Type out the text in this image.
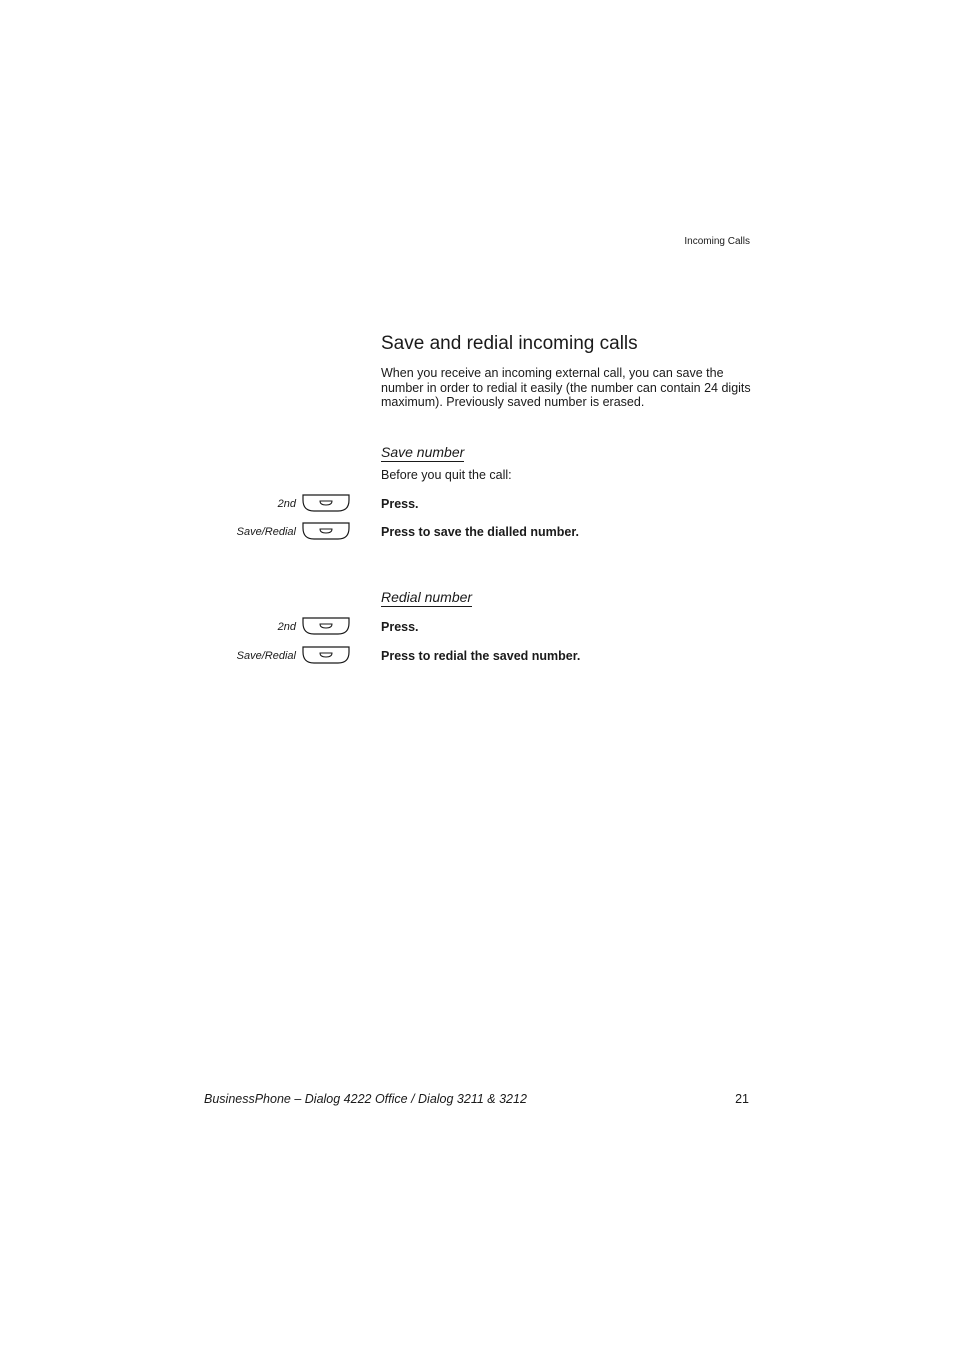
Incoming Calls
Save and redial incoming calls

When you receive an incoming external call, you can save the number in order to redial it easily (the number can contain 24 digits maximum). Previously saved number is erased.

Save number
Before you quit the call:
2nd	Press.
Save/Redial	Press to save the dialled number.
Redial number
2nd	Press.
Save/Redial	Press to redial the saved number.
BusinessPhone – Dialog 4222 Office / Dialog 3211 & 3212	21
